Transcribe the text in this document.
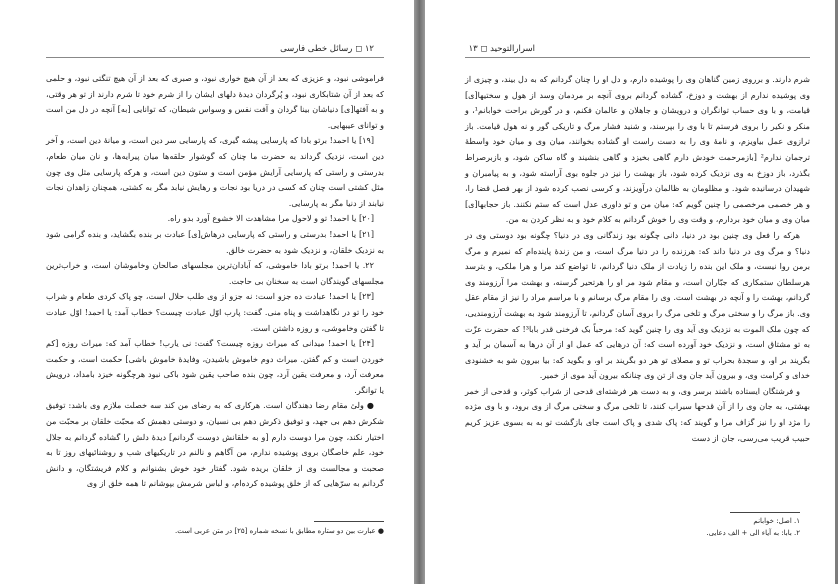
۱۲ ◻ رسائل خطی فارسی

فراموشی نبود، و عزیزی که بعد از آن هیچ خواری نبود، و صبری که بعد از آن هیچ تنگتی نبود، و حلمی که بعد از آن شتابکاری نبود، و پُرگردان دیدهٔ دلهای ایشان را از شرم خود تا شرم دارند از تو هر وقتی، و به آفتها[ی] دنیاشان بینا گردان و آفت نفس و وسواس شیطان، که توانایی [به] آنچه در دل من است و توانای عیبهایی.

[۱۹] یا احمد! برتو بادا که پارسایی پیشه گیری، که پارسایی سر دین است، و میانهٔ دین است، و آخر دین است، نزدیک گرداند به حضرت ما چنان که گوشوار حلقه‌ها میان پیرایه‌ها، و نان میان طعام، بدرستی و راستی که پارسایی آرایش مؤمن است و ستون دین است، و هرکه پارسایی مثل وی چون مثل کشتی است چنان که کسی در دریا بود نجات و رهایش نیابد مگر به کشتی، همچنان زاهدان نجات نیابند از دنیا مگر به پارسایی.

[۲۰] یا احمد! تو و لاحول مرا مشاهدت الا خشوع آورد بدو راه.

[۲۱] یا احمد! بدرستی و راستی که پارسایی درهاش[ی] عبادت بر بنده بگشاید، و بنده گرامی شود به نزدیک خلقان، و نزدیک شود به حضرت خالق.

۲۲. یا احمد! برتو بادا خاموشی، که آبادان‌ترین مجلسهای صالحان وخاموشان است، و خراب‌ترین مجلسهای گویندگان است به سخنان بی حاجت.

[۲۳] یا احمد! عبادت ده جزو است: نه جزو از وی طلب حلال است، چو پاک کردی طعام و شراب خود را تو در نگاهداشت و پناه منی. گفت: پارب اوّل عبادت چیست؟ خطاب آمد: یا احمد! اوّل عبادت تا گفتن وخاموشی، و روزه داشتن است.

[۲۴] یا احمد! میدانی که میراث روزه چیست؟ گفت: نی یارب! خطاب آمد که: میراث روزه [کم خوردن است و کم گفتن. میراث دوم خاموش باشیدن، وفایدهٔ خاموش باشی] حکمت است، و حکمت معرفت آرد، و معرفت یقین آرد، چون بنده صاحب یقین شود باکی نبود هرچگونه خیزد بامداد، درویش یا توانگر.

● ولیٔ مقام رضا دهندگان است. هرکاری که به رضای من کند سه خصلت ملازم وی باشد: توفیق شکرش دهم بی جهد، و توفیق ذکرش دهم بی نسیان، و دوستی دهمش که محبّت خلقان بر محبّت من اختیار نکند، چون مرا دوست دارم [و به خلقانش دوست گردانم] دیدهٔ دلش را گشاده گردانم به جلال خود، علم خاصگان بروی پوشیده ندارم، من آگاهم و نالنم در تاریکیهای شب و روشنائیهای روز تا به صحبت و مجالست وی از خلقان بریده شود. گفتار خود خوش بشنوانم و کلام فریشتگان، و دانش گردانم به سرّهایی که از خلق پوشیده کرده‌ام، و لباس شرمش بپوشانم تا همه خلق از وی

● عبارت بین دو ستاره مطابق با نسخه شماره [۲۵] در متن عربی است.
اسرارالتوحید ◻ ۱۳

شرم دارند. و برروی زمین گناهان وی را پوشیده دارم، و دل او را چنان گردانم که به دل بیند، و چیزی از وی پوشیده ندارم از بهشت و دوزخ، گشاده گردانم بروی آنچه بر مردمان وسد از هول و سختیها[ی] قیامت، و با وی حساب توانگران و درویشان و جاهلان و عالمان فکنم، و در گورش براحت خوابانم¹، و منکر و نکیر را بروی فرستم تا با وی را بپرسند، و شنید فشار مرگ و تاریکی گور و نه هول قیامت. باز ترازوی عمل بیاویزم، و نامهٔ وی را به دست راست او گشاده بخوانند، میان وی و میان خود واسطهٔ ترجمان ندارم² [بازمرحمت خودش دارم گاهی بخیزد و گاهی بنشیند و گاه ساکن شود، و بازبرصراط بگذرد، باز دوزخ به وی نزدیک کرده شود، باز بهشت را نیز در جلوه بوی آراسته شود، و به پیامبران و شهیدان درسانیده شود. و مظلومان به ظالمان درآویزند، و کرسی نصب کرده شود از بهر فصل قضا را، و هر خصمی مرخصمی را چنین گویم که: میان من و تو داوری عدل است که ستم نکنند. باز حجابها[ی] میان وی و میان خود بردارم، و وقت وی را خوش گردانم به کلام خود و به نظر کردن به من.

هرکه را فعل وی چنین بود در دنیا، دانی چگونه بود زندگانی وی در دنیا؟ چگونه بود دوستی وی در دنیا؟ و مرگ وی در دنیا داند که: هرزنده را در دنیا مرگ است، و من زندهٔ پاینده‌ام که نمیرم و مرگ برمن روا نیست، و ملک این بنده را زیادت از ملک دنیا گردانم، تا تواضع کند مرا و هرا ملکی، و بترسد هرسلطان ستمکاری که جبّاران است، و مقام شود مر او را هرتحیر گرسنه، و بهشت مرا آرزومند وی گردانم، بهشت را و آنچه در بهشت است. وی را مقام مرگ برسانم و با مراسم مراد را نیز از مقام عقل وی. باز مرگ را و سختی مرگ و تلخی مرگ را بروی آسان گردانم، تا آرزومند شود به بهشت آرزومندیی، که چون ملک الموت به نزدیک وی آید وی را چنین گوید که: مرحباً بک فرخنی قدر بابا³! که حضرت عزّت به تو مشتاق است، و نزدیک خود آورده است که: آن درهایی که عمل او از آن درها به آسمان بر آید و بگریند بر او، و سجدهٔ بحراب تو و مصلای تو هر دو بگریند بر او، و بگوید که: بیا بیرون شو به خشنودی خدای و کرامت وی، و بیرون آید جان وی از تن وی چنانکه بیرون آید موی از خمیر.

و فرشتگان ایستاده باشند برسر وی، و به دست هر فرشته‌ای قدحی از شراب کوثر، و قدحی از خمر بهشتی، به جان وی را از آن قدحها سیراب کنند، تا تلخی مرگ و سختی مرگ از وی برود، و با وی مژده را مژد او را نیز گزاف مرا و گویند که: پاک شدی و پاک است جای بازگشت تو به به بسوی عزیز کریم حبیب قریب می‌رسی، جان از دست

۱. اصل: خوابانم
۲. بابا: به آیاء الی + الف دعایی.
